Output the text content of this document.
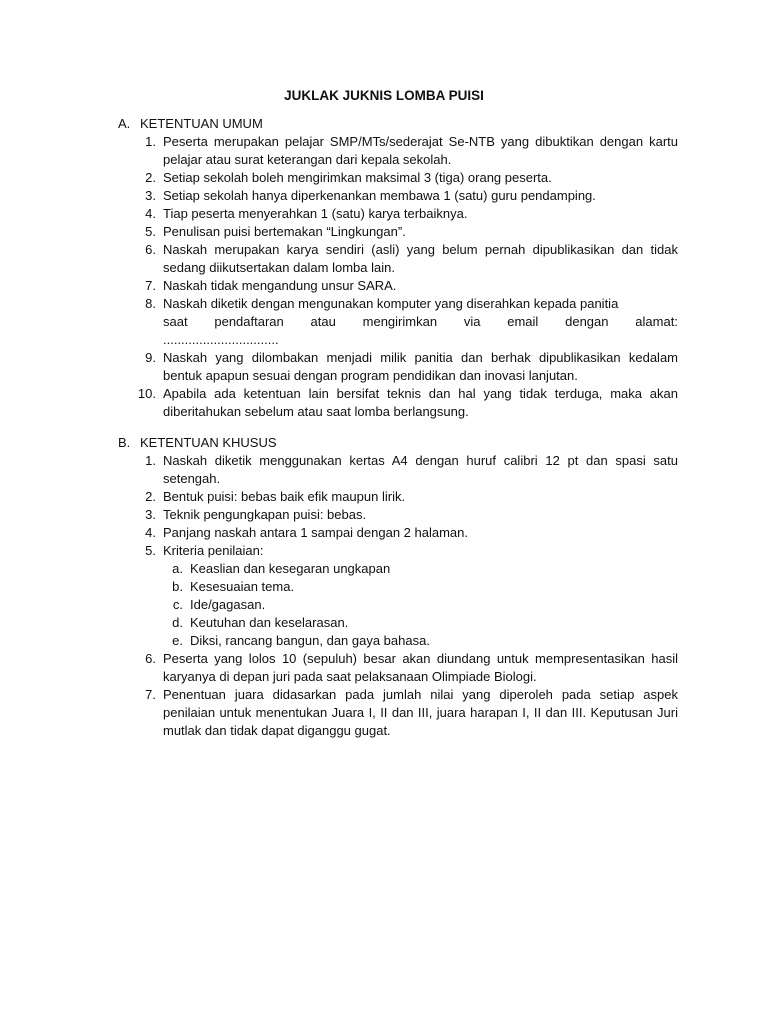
JUKLAK JUKNIS LOMBA PUISI
A. KETENTUAN UMUM
1. Peserta merupakan pelajar SMP/MTs/sederajat Se-NTB yang dibuktikan dengan kartu pelajar atau surat keterangan dari kepala sekolah.
2. Setiap sekolah boleh mengirimkan maksimal 3 (tiga) orang peserta.
3. Setiap sekolah hanya diperkenankan membawa 1 (satu) guru pendamping.
4. Tiap peserta menyerahkan 1 (satu) karya terbaiknya.
5. Penulisan puisi bertemakan “Lingkungan”.
6. Naskah merupakan karya sendiri (asli) yang belum pernah dipublikasikan dan tidak sedang diikutsertakan dalam lomba lain.
7. Naskah tidak mengandung unsur SARA.
8. Naskah diketik dengan mengunakan komputer yang diserahkan kepada panitia
saat pendaftaran atau mengirimkan via email dengan alamat:
................................
9. Naskah yang dilombakan menjadi milik panitia dan berhak dipublikasikan kedalam bentuk apapun sesuai dengan program pendidikan dan inovasi lanjutan.
10. Apabila ada ketentuan lain bersifat teknis dan hal yang tidak terduga, maka akan diberitahukan sebelum atau saat lomba berlangsung.
B. KETENTUAN KHUSUS
1. Naskah diketik menggunakan kertas A4 dengan huruf calibri 12 pt dan spasi satu setengah.
2. Bentuk puisi: bebas baik efik maupun lirik.
3. Teknik pengungkapan puisi: bebas.
4. Panjang naskah antara 1 sampai dengan 2 halaman.
5. Kriteria penilaian:
a. Keaslian dan kesegaran ungkapan
b. Kesesuaian tema.
c. Ide/gagasan.
d. Keutuhan dan keselarasan.
e. Diksi, rancang bangun, dan gaya bahasa.
6. Peserta yang lolos 10 (sepuluh) besar akan diundang untuk mempresentasikan hasil karyanya di depan juri pada saat pelaksanaan Olimpiade Biologi.
7. Penentuan juara didasarkan pada jumlah nilai yang diperoleh pada setiap aspek penilaian untuk menentukan Juara I, II dan III, juara harapan I, II dan III. Keputusan Juri mutlak dan tidak dapat diganggu gugat.
